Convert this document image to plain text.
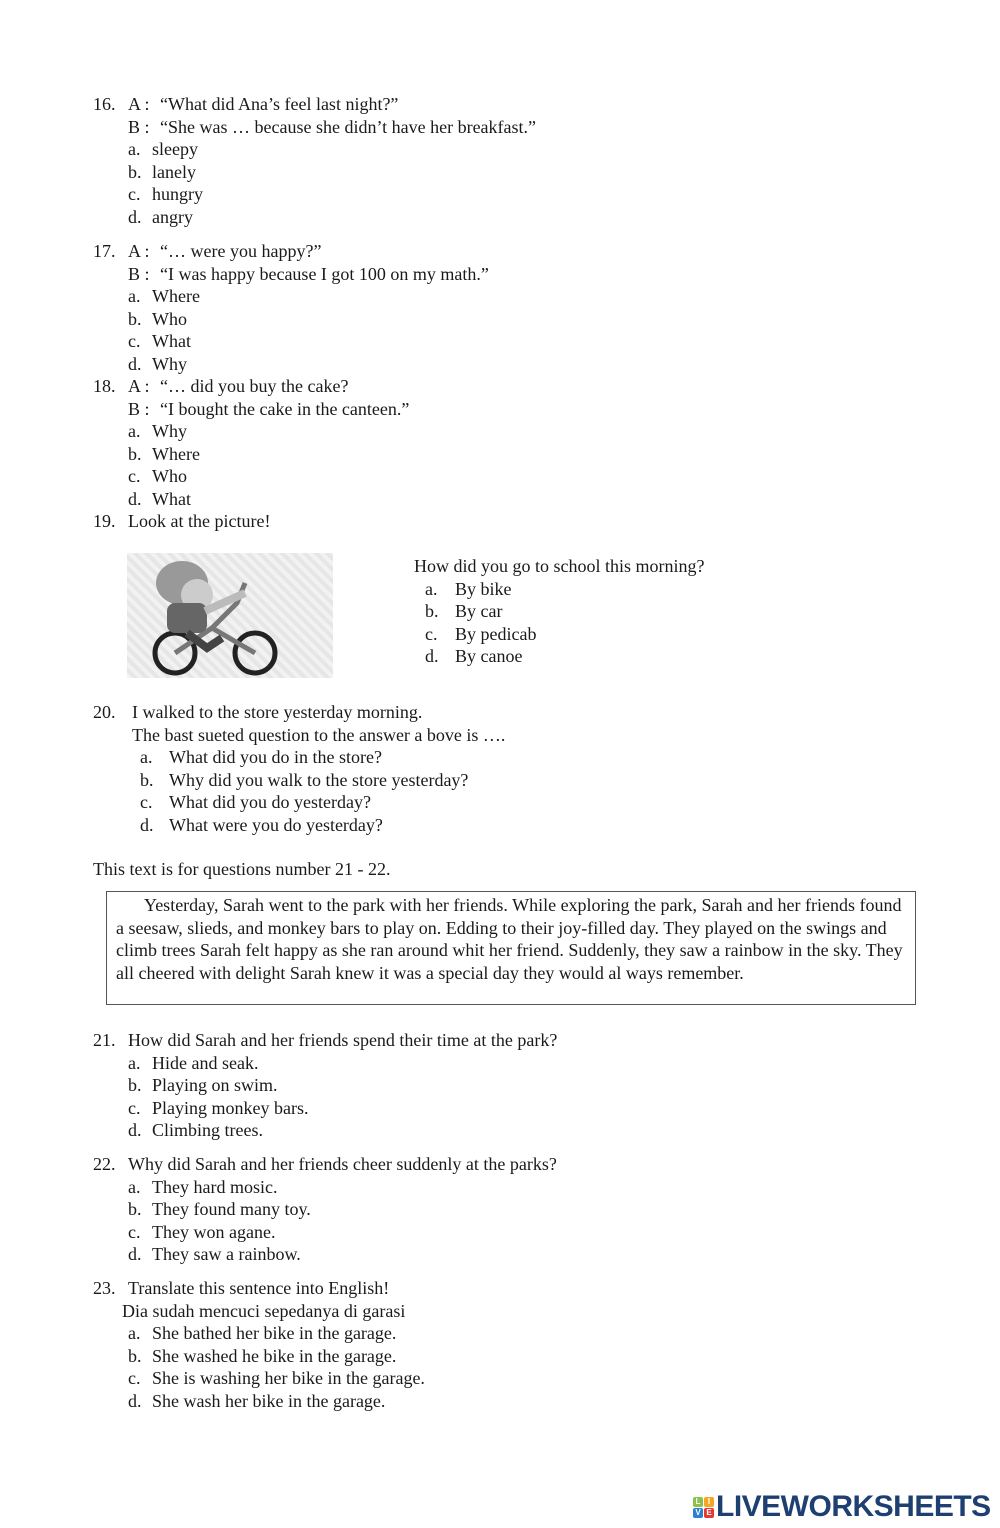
16. A : “What did Ana’s feel last night?”
B : “She was … because she didn’t have her breakfast.”
a. sleepy
b. lanely
c. hungry
d. angry
17. A : “… were you happy?”
B : “I was happy because I got 100 on my math.”
a. Where
b. Who
c. What
d. Why
18. A : “… did you buy the cake?
B : “I bought the cake in the canteen.”
a. Why
b. Where
c. Who
d. What
19. Look at the picture!
How did you go to school this morning?
a. By bike
b. By car
c. By pedicab
d. By canoe
20. I walked to the store yesterday morning.
The bast sueted question to the answer a bove is ….
a. What did you do in the store?
b. Why did you walk to the store yesterday?
c. What did you do yesterday?
d. What were you do yesterday?
This text is for questions number 21 - 22.
21. How did Sarah and her friends spend their time at the park?
a. Hide and seak.
b. Playing on swim.
c. Playing monkey bars.
d. Climbing trees.
22. Why did Sarah and her friends cheer suddenly at the parks?
a. They hard mosic.
b. They found many toy.
c. They won agane.
d. They saw a rainbow.
23. Translate this sentence into English!
Dia sudah mencuci sepedanya di garasi
a. She bathed her bike in the garage.
b. She washed he bike in the garage.
c. She is washing her bike in the garage.
d. She wash her bike in the garage.

Yesterday, Sarah went to the park with her friends. While exploring the park, Sarah and her friends found a seesaw, slieds, and monkey bars to play on. Edding to their joy-filled day. They played on the swings and climb trees Sarah felt happy as she ran around whit her friend. Suddenly, they saw a rainbow in the sky. They all cheered with delight Sarah knew it was a special day they would al ways remember.

L I
V E LIVEWORKSHEETS
